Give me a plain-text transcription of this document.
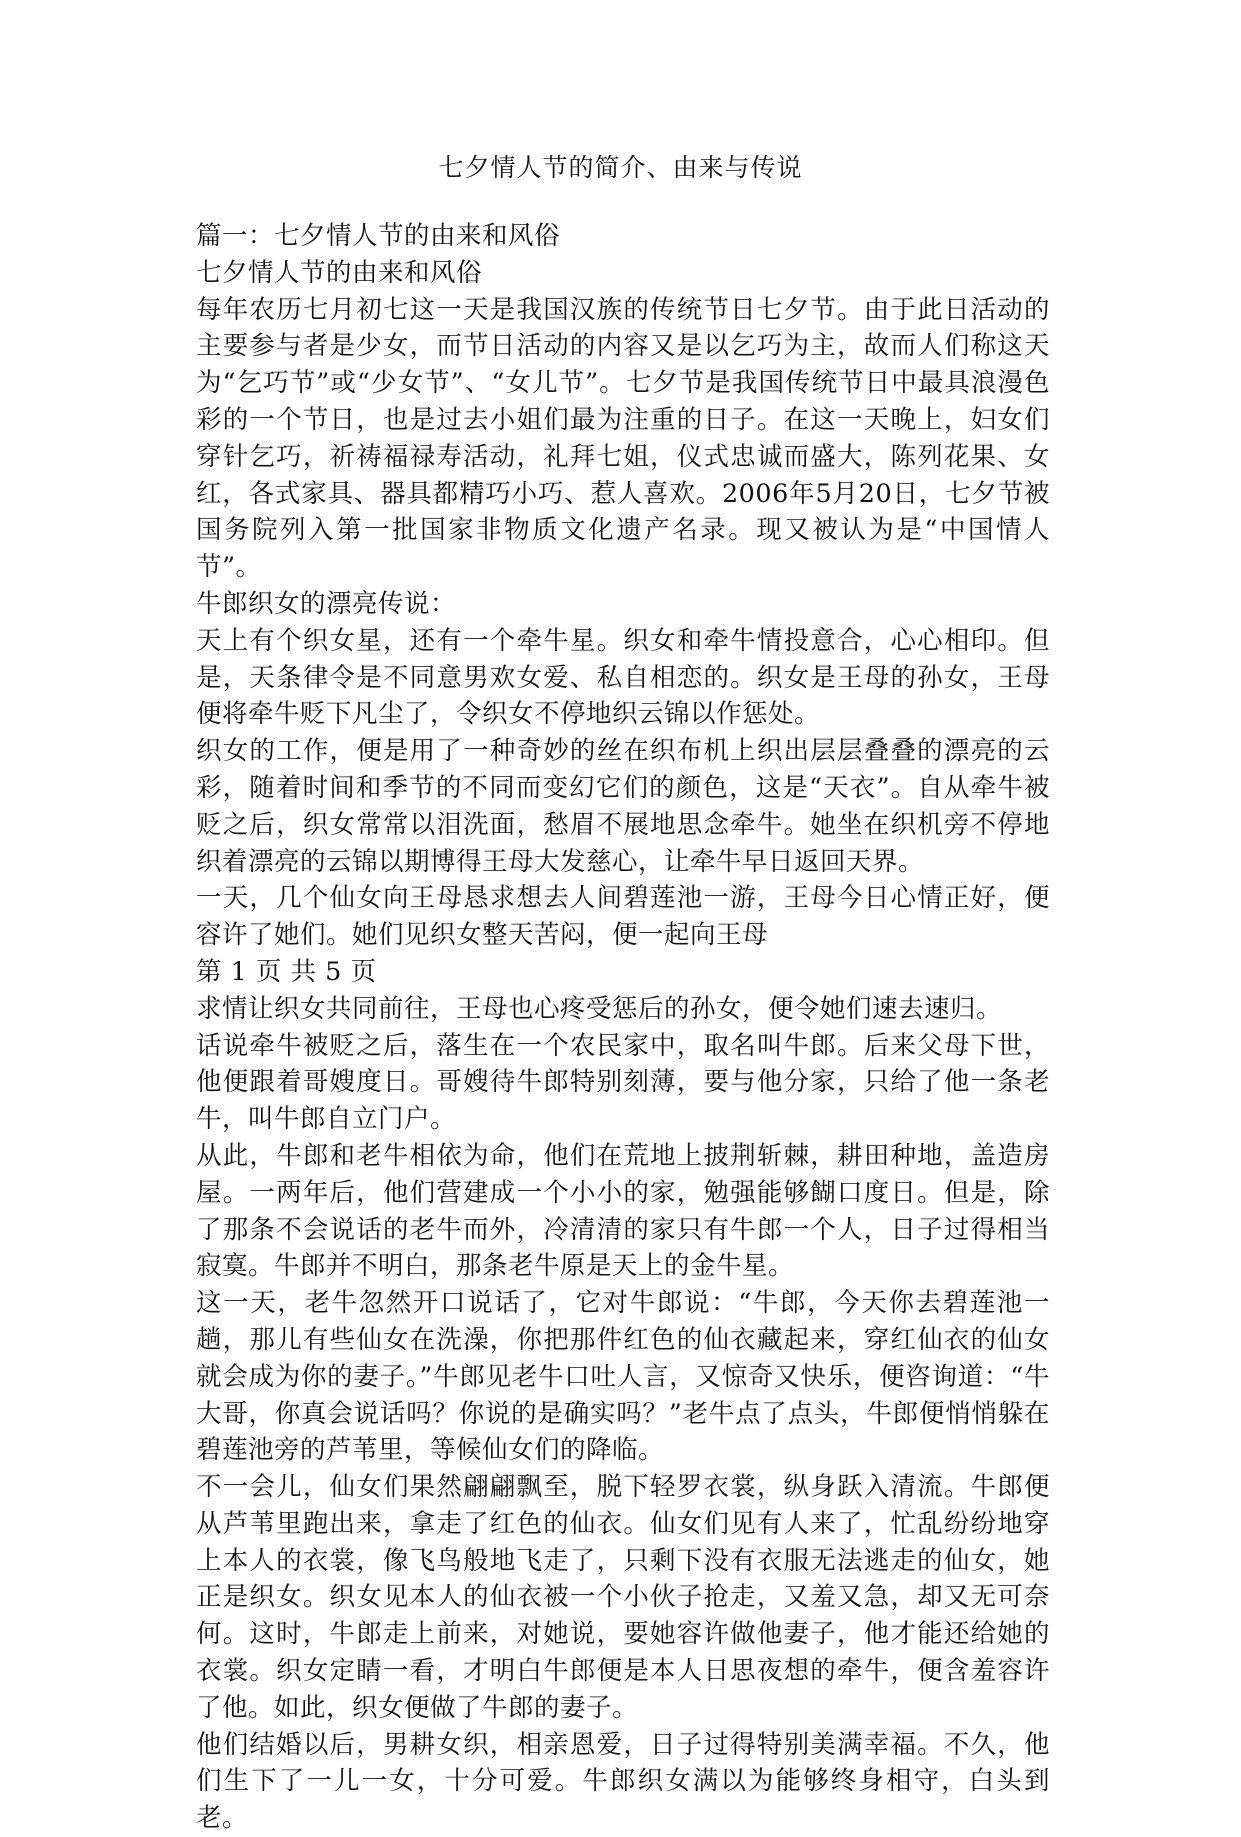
七夕情人节的简介、由来与传说

篇一：七夕情人节的由来和风俗

七夕情人节的由来和风俗

每年农历七月初七这一天是我国汉族的传统节日七夕节。由于此日活动的主要参与者是少女，而节日活动的内容又是以乞巧为主，故而人们称这天为“乞巧节”或“少女节”、“女儿节”。七夕节是我国传统节日中最具浪漫色彩的一个节日，也是过去小姐们最为注重的日子。在这一天晚上，妇女们穿针乞巧，祈祷福禄寿活动，礼拜七姐，仪式忠诚而盛大，陈列花果、女红，各式家具、器具都精巧小巧、惹人喜欢。2006年5月20日，七夕节被国务院列入第一批国家非物质文化遗产名录。现又被认为是“中国情人节”。

牛郎织女的漂亮传说：

天上有个织女星，还有一个牵牛星。织女和牵牛情投意合，心心相印。但是，天条律令是不同意男欢女爱、私自相恋的。织女是王母的孙女，王母便将牵牛贬下凡尘了，令织女不停地织云锦以作惩处。

织女的工作，便是用了一种奇妙的丝在织布机上织出层层叠叠的漂亮的云彩，随着时间和季节的不同而变幻它们的颜色，这是“天衣”。自从牵牛被贬之后，织女常常以泪洗面，愁眉不展地思念牵牛。她坐在织机旁不停地织着漂亮的云锦以期博得王母大发慈心，让牵牛早日返回天界。

一天，几个仙女向王母恳求想去人间碧莲池一游，王母今日心情正好，便容许了她们。她们见织女整天苦闷，便一起向王母

第 1 页 共 5 页

求情让织女共同前往，王母也心疼受惩后的孙女，便令她们速去速归。

话说牵牛被贬之后，落生在一个农民家中，取名叫牛郎。后来父母下世，他便跟着哥嫂度日。哥嫂待牛郎特别刻薄，要与他分家，只给了他一条老牛，叫牛郎自立门户。

从此，牛郎和老牛相依为命，他们在荒地上披荆斩棘，耕田种地，盖造房屋。一两年后，他们营建成一个小小的家，勉强能够餬口度日。但是，除了那条不会说话的老牛而外，冷清清的家只有牛郎一个人，日子过得相当寂寞。牛郎并不明白，那条老牛原是天上的金牛星。

这一天，老牛忽然开口说话了，它对牛郎说：“牛郎，今天你去碧莲池一趟，那儿有些仙女在洗澡，你把那件红色的仙衣藏起来，穿红仙衣的仙女就会成为你的妻子。”牛郎见老牛口吐人言，又惊奇又快乐，便咨询道：“牛大哥，你真会说话吗？你说的是确实吗？”老牛点了点头，牛郎便悄悄躲在碧莲池旁的芦苇里，等候仙女们的降临。

不一会儿，仙女们果然翩翩飘至，脱下轻罗衣裳，纵身跃入清流。牛郎便从芦苇里跑出来，拿走了红色的仙衣。仙女们见有人来了，忙乱纷纷地穿上本人的衣裳，像飞鸟般地飞走了，只剩下没有衣服无法逃走的仙女，她正是织女。织女见本人的仙衣被一个小伙子抢走，又羞又急，却又无可奈何。这时，牛郎走上前来，对她说，要她容许做他妻子，他才能还给她的衣裳。织女定睛一看，才明白牛郎便是本人日思夜想的牵牛，便含羞容许了他。如此，织女便做了牛郎的妻子。

他们结婚以后，男耕女织，相亲恩爱，日子过得特别美满幸福。不久，他们生下了一儿一女，十分可爱。牛郎织女满以为能够终身相守，白头到老。
